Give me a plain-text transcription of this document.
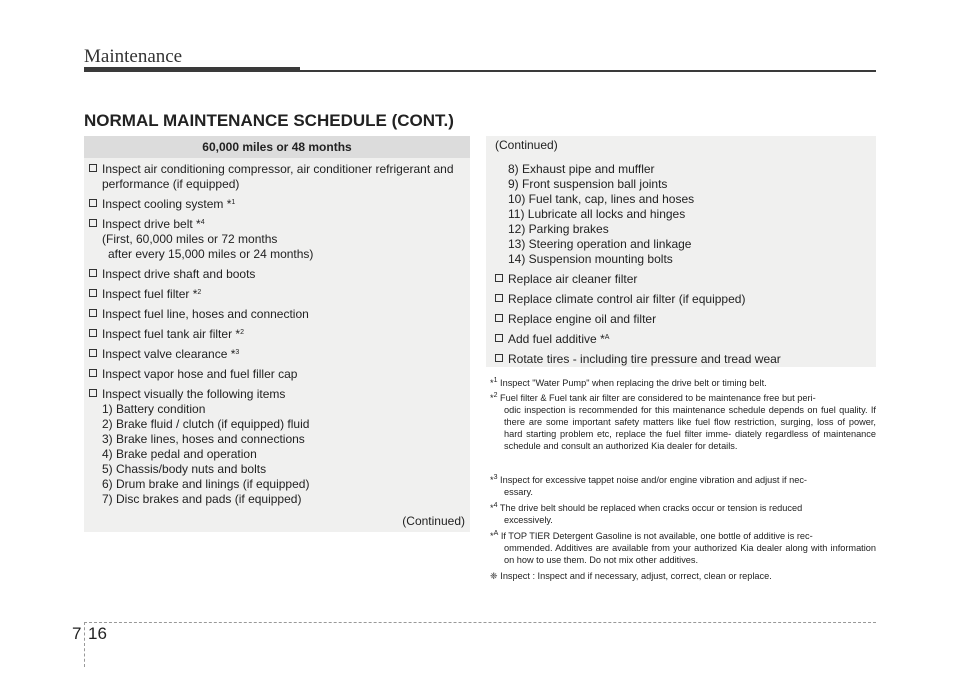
Maintenance
NORMAL MAINTENANCE SCHEDULE (CONT.)
60,000 miles or 48 months
Inspect air conditioning compressor, air conditioner refrigerant and
performance (if equipped)
Inspect cooling system *$^1$
Inspect drive belt *$^4$
(First, 60,000 miles or 72 months
after every 15,000 miles or 24 months)
Inspect drive shaft and boots
Inspect fuel filter *$^2$
Inspect fuel line, hoses and connection
Inspect fuel tank air filter *$^2$
Inspect valve clearance *$^3$
Inspect vapor hose and fuel filler cap
Inspect visually the following items
1) Battery condition
2) Brake fluid / clutch (if equipped) fluid
3) Brake lines, hoses and connections
4) Brake pedal and operation
5) Chassis/body nuts and bolts
6) Drum brake and linings (if equipped)
7) Disc brakes and pads (if equipped)
(Continued)
(Continued)
8) Exhaust pipe and muffler
9) Front suspension ball joints
10) Fuel tank, cap, lines and hoses
11) Lubricate all locks and hinges
12) Parking brakes
13) Steering operation and linkage
14) Suspension mounting bolts
Replace air cleaner filter
Replace climate control air filter (if equipped)
Replace engine oil and filter
Add fuel additive *$^A$
Rotate tires - including tire pressure and tread wear
*$^1$ Inspect "Water Pump" when replacing the drive belt or timing belt.
*$^2$ Fuel filter & Fuel tank air filter are considered to be maintenance free but peri-
odic inspection is recommended for this maintenance schedule depends on fuel quality. If there are some important safety matters like fuel flow restriction, surging, loss of power, hard starting problem etc, replace the fuel filter imme- diately regardless of maintenance schedule and consult an authorized Kia dealer for details.
*$^3$ Inspect for excessive tappet noise and/or engine vibration and adjust if nec-
essary.
*$^4$ The drive belt should be replaced when cracks occur or tension is reduced
excessively.
*$^A$ If TOP TIER Detergent Gasoline is not available, one bottle of additive is rec-
ommended. Additives are available from your authorized Kia dealer along with information on how to use them. Do not mix other additives.
❈ Inspect : Inspect and if necessary, adjust, correct, clean or replace.
7 16
